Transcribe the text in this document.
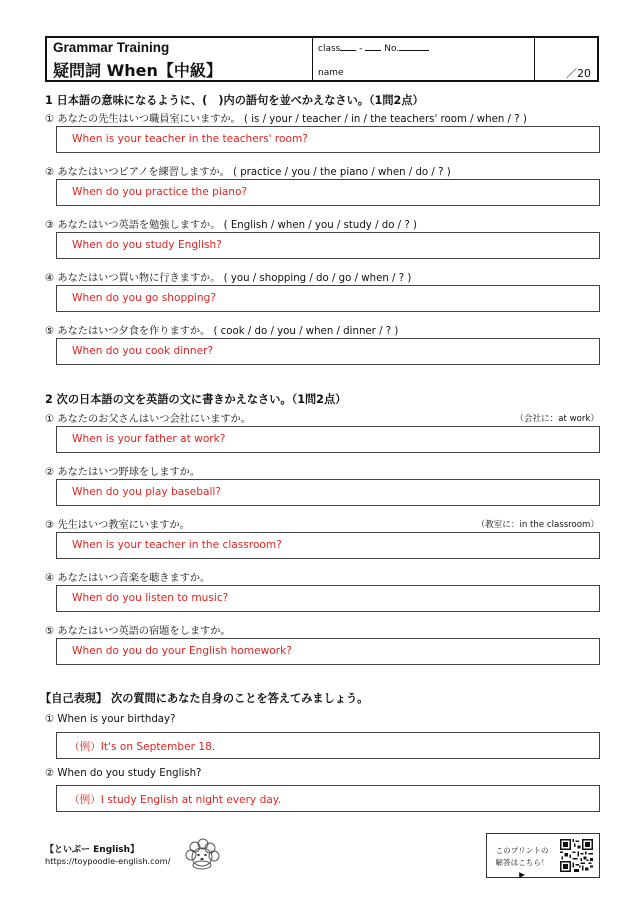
Grammar Training
疑問詞 When【中級】
class - No.
name	／20
1 日本語の意味になるように、(　)内の語句を並べかえなさい。（1問2点）
① あなたの先生はいつ職員室にいますか。 ( is / your / teacher / in / the teachers' room / when / ? )
When is your teacher in the teachers' room?
② あなたはいつピアノを練習しますか。 ( practice / you / the piano / when / do / ? )
When do you practice the piano?
③ あなたはいつ英語を勉強しますか。 ( English / when / you / study / do / ? )
When do you study English?
④ あなたはいつ買い物に行きますか。 ( you / shopping / do / go / when / ? )
When do you go shopping?
⑤ あなたはいつ夕食を作りますか。 ( cook / do / you / when / dinner / ? )
When do you cook dinner?
2 次の日本語の文を英語の文に書きかえなさい。（1問2点）
① あなたのお父さんはいつ会社にいますか。	（会社に：at work）
When is your father at work?
② あなたはいつ野球をしますか。
When do you play baseball?
③ 先生はいつ教室にいますか。	（教室に：in the classroom）
When is your teacher in the classroom?
④ あなたはいつ音楽を聴きますか。
When do you listen to music?
⑤ あなたはいつ英語の宿題をしますか。
When do you do your English homework?
【自己表現】 次の質問にあなた自身のことを答えてみましょう。
① When is your birthday?
（例）It's on September 18.
② When do you study English?
（例）I study English at night every day.
【といぷー English】
https://toypoodle-english.com/
このプリントの
解答はこちら！▶
